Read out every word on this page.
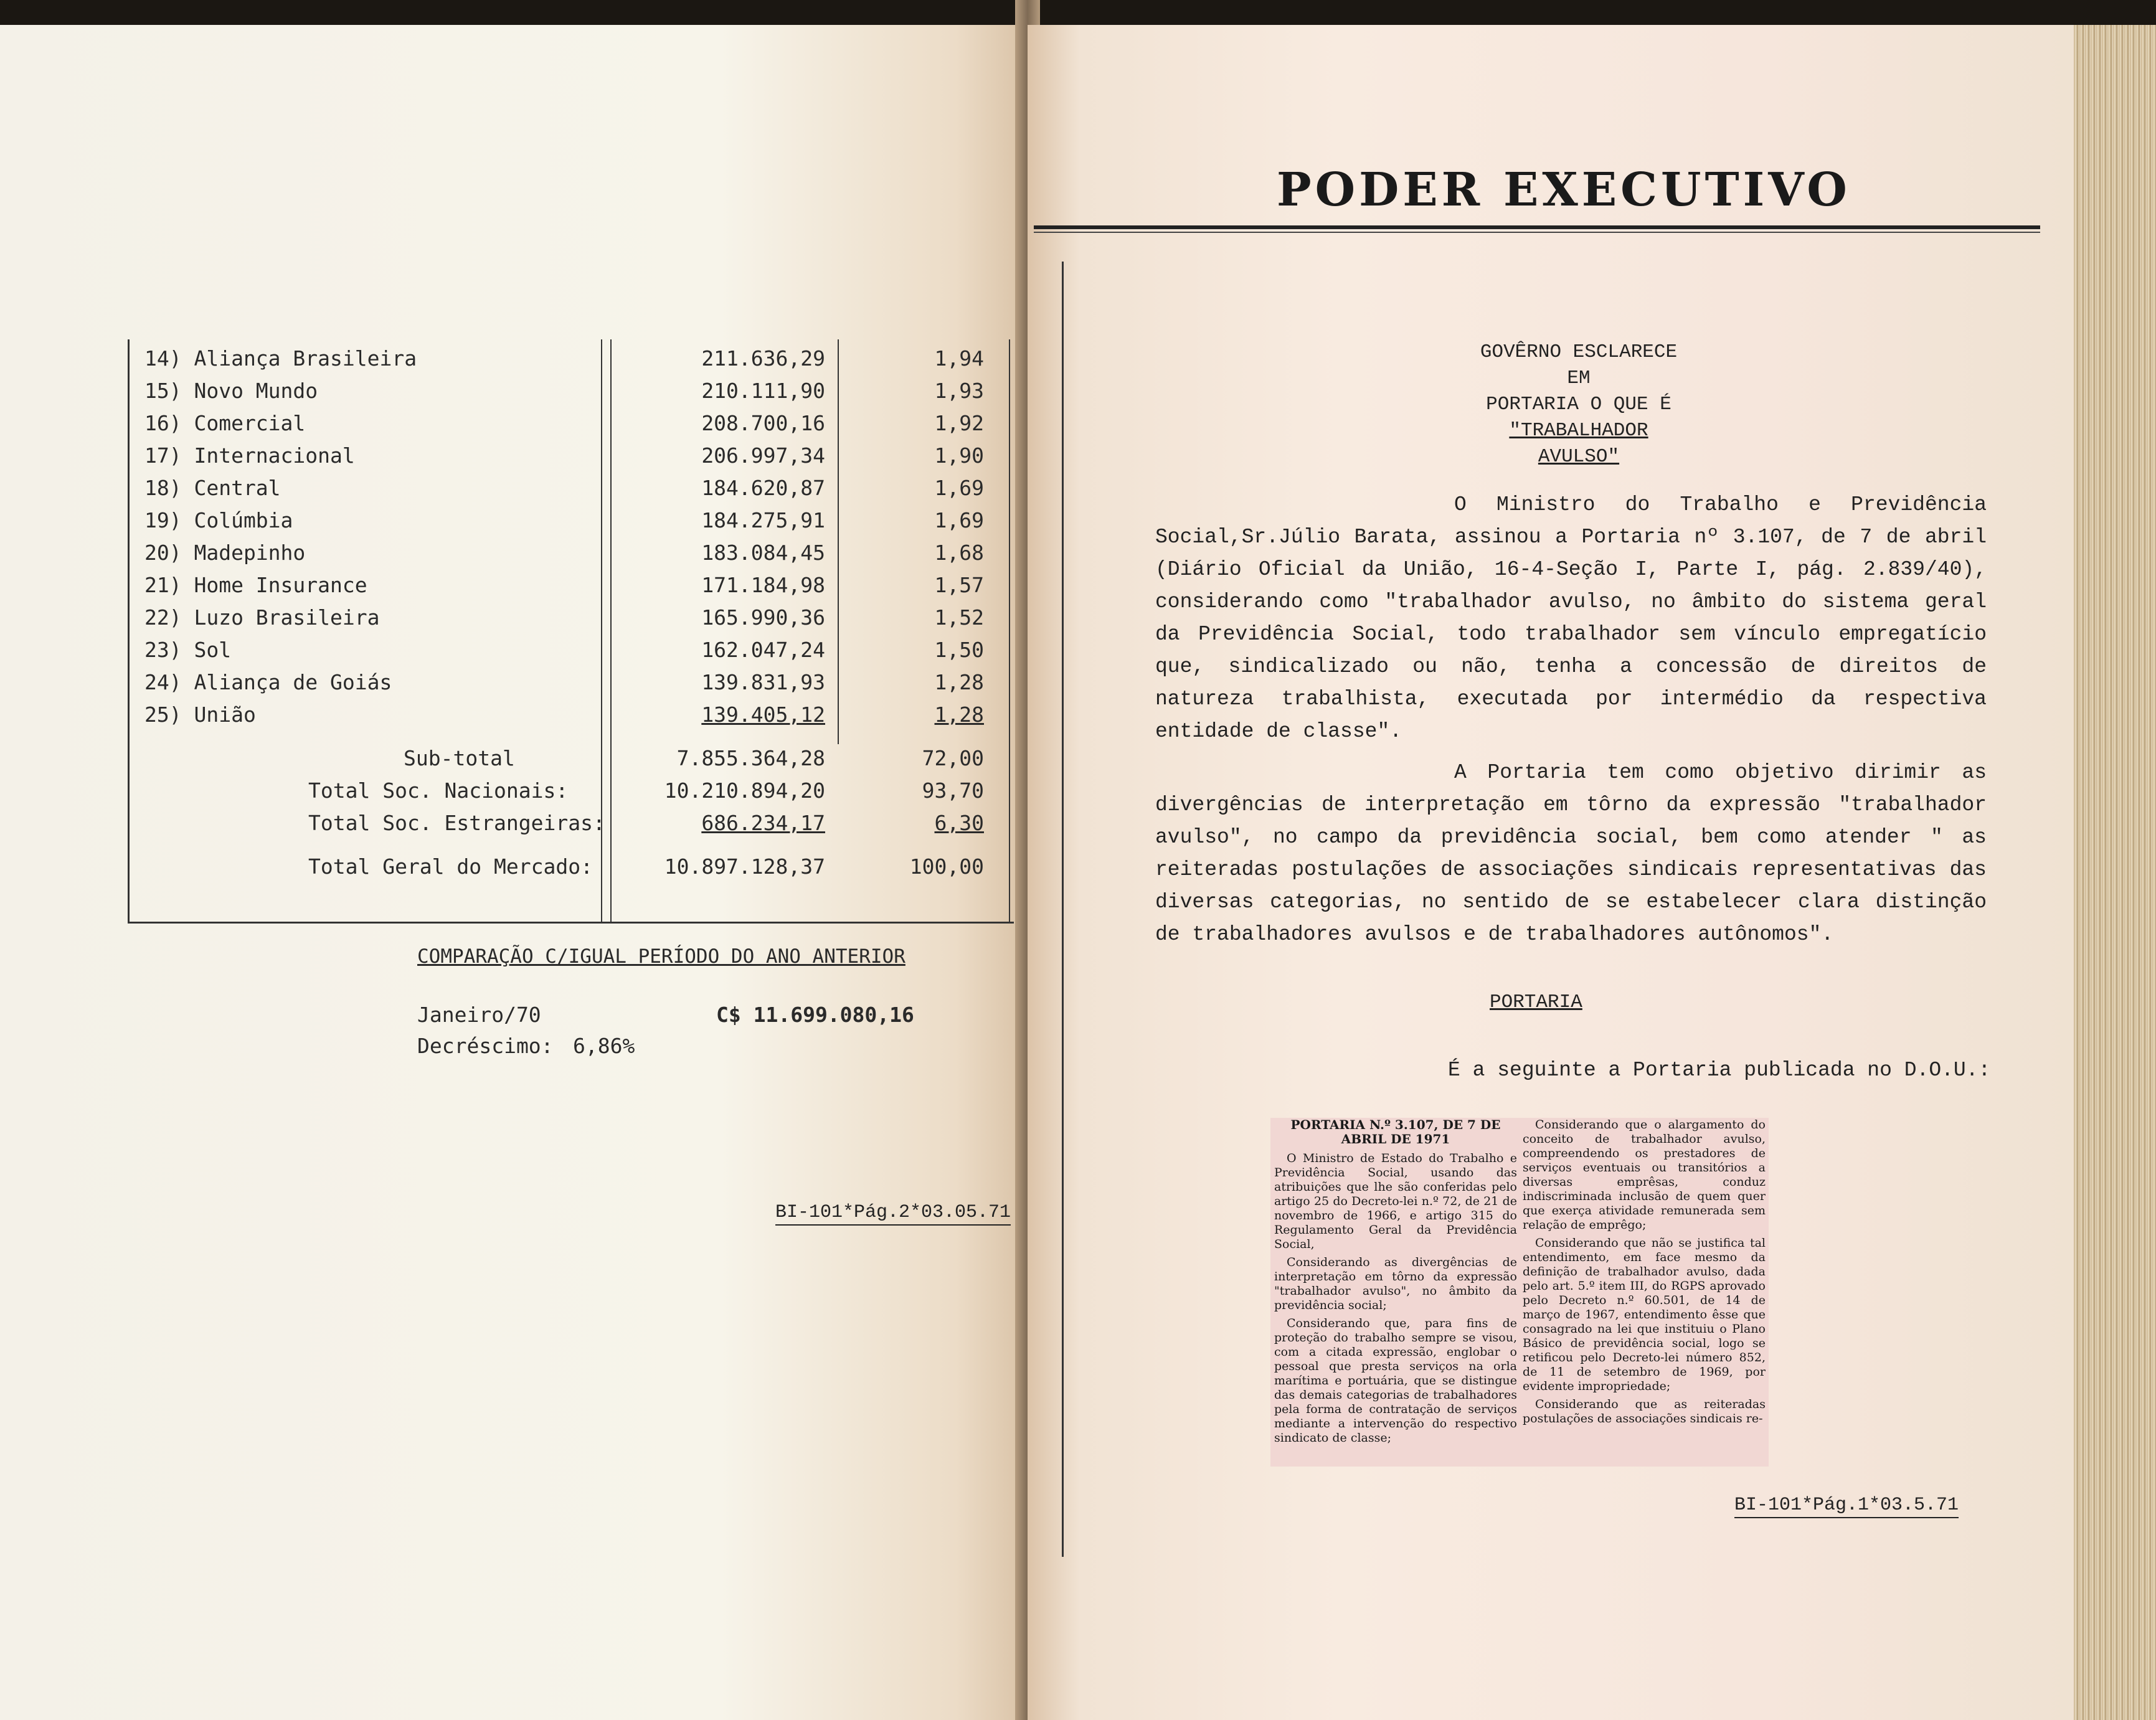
14) Aliança Brasileira	211.636,29	1,94
15) Novo Mundo	210.111,90	1,93
16) Comercial	208.700,16	1,92
17) Internacional	206.997,34	1,90
18) Central	184.620,87	1,69
19) Colúmbia	184.275,91	1,69
20) Madepinho	183.084,45	1,68
21) Home Insurance	171.184,98	1,57
22) Luzo Brasileira	165.990,36	1,52
23) Sol	162.047,24	1,50
24) Aliança de Goiás	139.831,93	1,28
25) União	139.405,12	1,28
Sub-total	7.855.364,28	72,00
Total Soc. Nacionais:	10.210.894,20	93,70
Total Soc. Estrangeiras:	686.234,17	6,30
Total Geral do Mercado:	10.897.128,37	100,00
COMPARAÇÃO C/IGUAL PERÍODO DO ANO ANTERIOR
Janeiro/70	C$ 11.699.080,16
Decréscimo: 6,86%
BI-101*Pág.2*03.05.71
PODER EXECUTIVO
GOVÊRNO ESCLARECE EM
PORTARIA O QUE É
"TRABALHADOR AVULSO"
O Ministro do Trabalho e Previdência Social,Sr.Júlio Barata, assinou a Portaria nº 3.107, de 7 de abril (Diário Oficial da União, 16-4-Seção I, Parte I, pág. 2.839/40), considerando como "trabalhador avulso, no âmbito do sistema geral da Previdência Social, todo trabalhador sem vínculo empregatício que, sindicalizado ou não, tenha a concessão de direitos de natureza trabalhista, executada por intermédio da respectiva entidade de classe".
A Portaria tem como objetivo dirimir as divergências de interpretação em tôrno da expressão "trabalhador avulso", no campo da previdência social, bem como atender " as reiteradas postulações de associações sindicais representativas das diversas categorias, no sentido de se estabelecer clara distinção de trabalhadores avulsos e de trabalhadores autônomos".
PORTARIA
É a seguinte a Portaria publicada no D.O.U.:
PORTARIA N.º 3.107, DE 7 DE ABRIL DE 1971

O Ministro de Estado do Trabalho e Previdência Social, usando das atribuições que lhe são conferidas pelo artigo 25 do Decreto-lei n.º 72, de 21 de novembro de 1966, e artigo 315 do Regulamento Geral da Previdência Social,

Considerando as divergências de interpretação em tôrno da expressão "trabalhador avulso", no âmbito da previdência social;

Considerando que, para fins de proteção do trabalho sempre se visou, com a citada expressão, englobar o pessoal que presta serviços na orla marítima e portuária, que se distingue das demais categorias de trabalhadores pela forma de contratação de serviços mediante a intervenção do respectivo sindicato de classe;

Considerando que o alargamento do conceito de trabalhador avulso, compreendendo os prestadores de serviços eventuais ou transitórios a diversas emprêsas, conduz indiscriminada inclusão de quem quer que exerça atividade remunerada sem relação de emprêgo;

Considerando que não se justifica tal entendimento, em face mesmo da definição de trabalhador avulso, dada pelo art. 5.º item III, do RGPS aprovado pelo Decreto n.º 60.501, de 14 de março de 1967, entendimento êsse que consagrado na lei que instituiu o Plano Básico de previdência social, logo se retificou pelo Decreto-lei número 852, de 11 de setembro de 1969, por evidente impropriedade;

Considerando que as reiteradas postulações de associações sindicais re-

BI-101*Pág.1*03.5.71
